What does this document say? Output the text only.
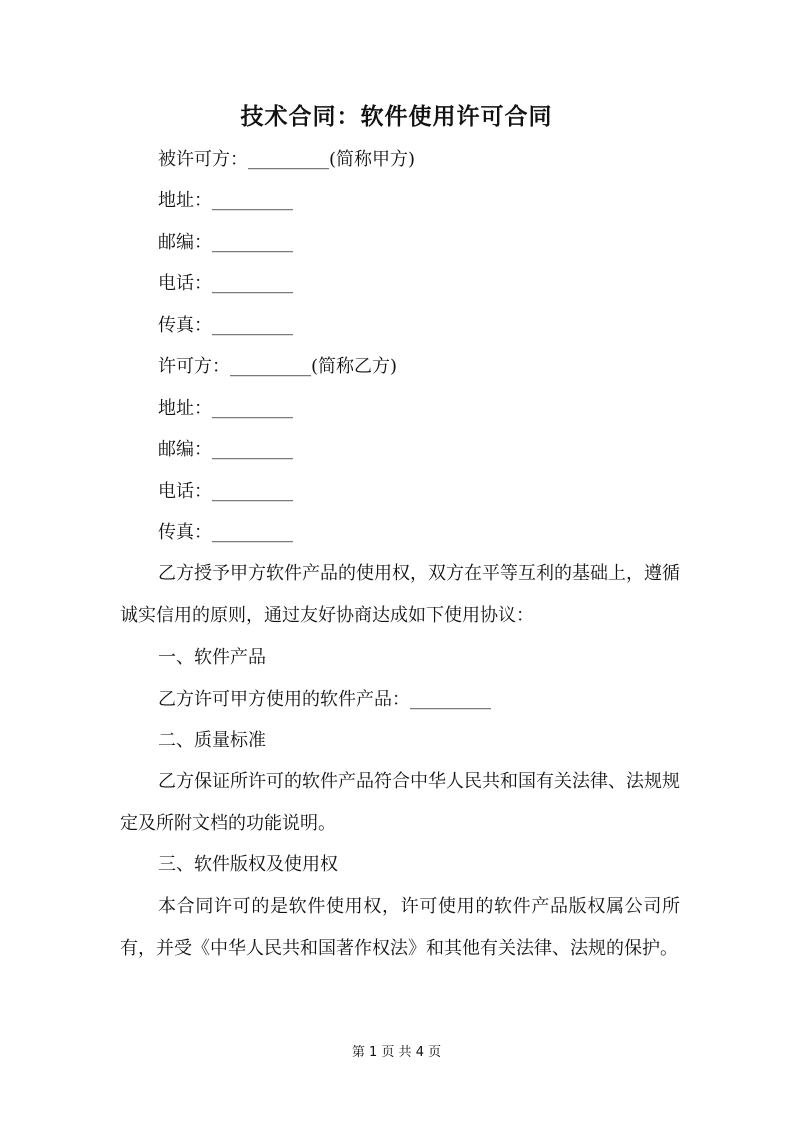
技术合同：软件使用许可合同
被许可方：_________(简称甲方)
地址：_________
邮编：_________
电话：_________
传真：_________
许可方：_________(简称乙方)
地址：_________
邮编：_________
电话：_________
传真：_________
乙方授予甲方软件产品的使用权，双方在平等互利的基础上，遵循诚实信用的原则，通过友好协商达成如下使用协议：
一、软件产品
乙方许可甲方使用的软件产品：_________
二、质量标准
乙方保证所许可的软件产品符合中华人民共和国有关法律、法规规定及所附文档的功能说明。
三、软件版权及使用权
本合同许可的是软件使用权，许可使用的软件产品版权属公司所有，并受《中华人民共和国著作权法》和其他有关法律、法规的保护。
第 1 页 共 4 页
